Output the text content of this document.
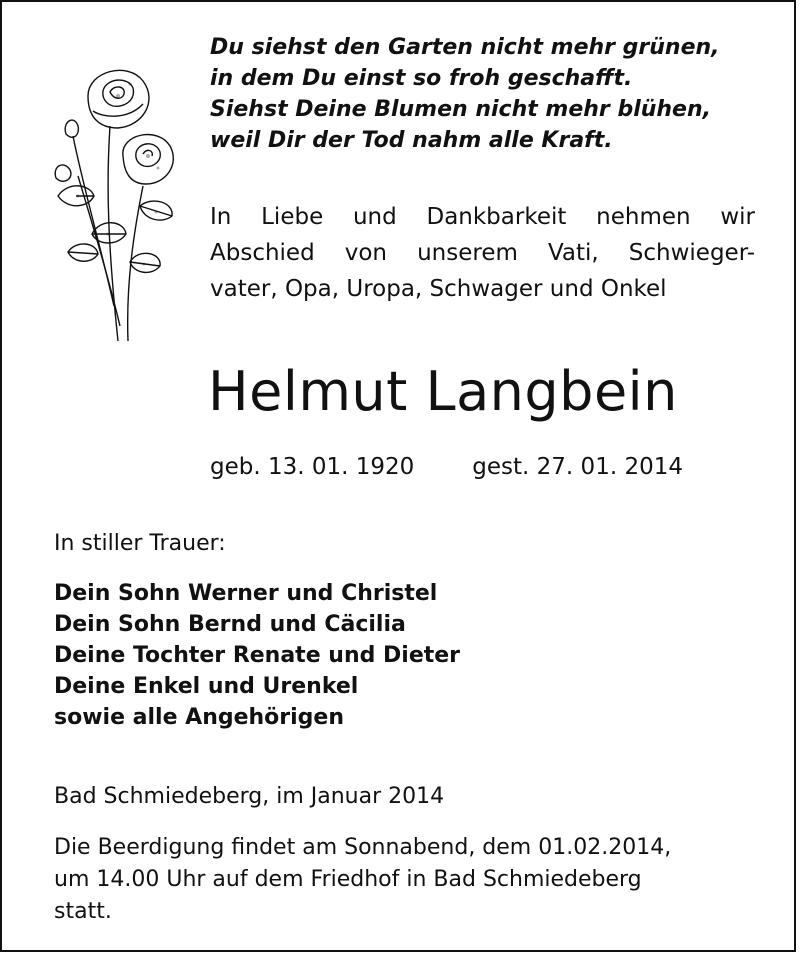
Du siehst den Garten nicht mehr grünen,
in dem Du einst so froh geschafft.
Siehst Deine Blumen nicht mehr blühen,
weil Dir der Tod nahm alle Kraft.
In Liebe und Dankbarkeit nehmen wir
Abschied von unserem Vati, Schwieger-
vater, Opa, Uropa, Schwager und Onkel
Helmut Langbein
geb. 13. 01. 1920	gest. 27. 01. 2014
In stiller Trauer:
Dein Sohn Werner und Christel
Dein Sohn Bernd und Cäcilia
Deine Tochter Renate und Dieter
Deine Enkel und Urenkel
sowie alle Angehörigen
Bad Schmiedeberg, im Januar 2014
Die Beerdigung findet am Sonnabend, dem 01.02.2014,
um 14.00 Uhr auf dem Friedhof in Bad Schmiedeberg
statt.
